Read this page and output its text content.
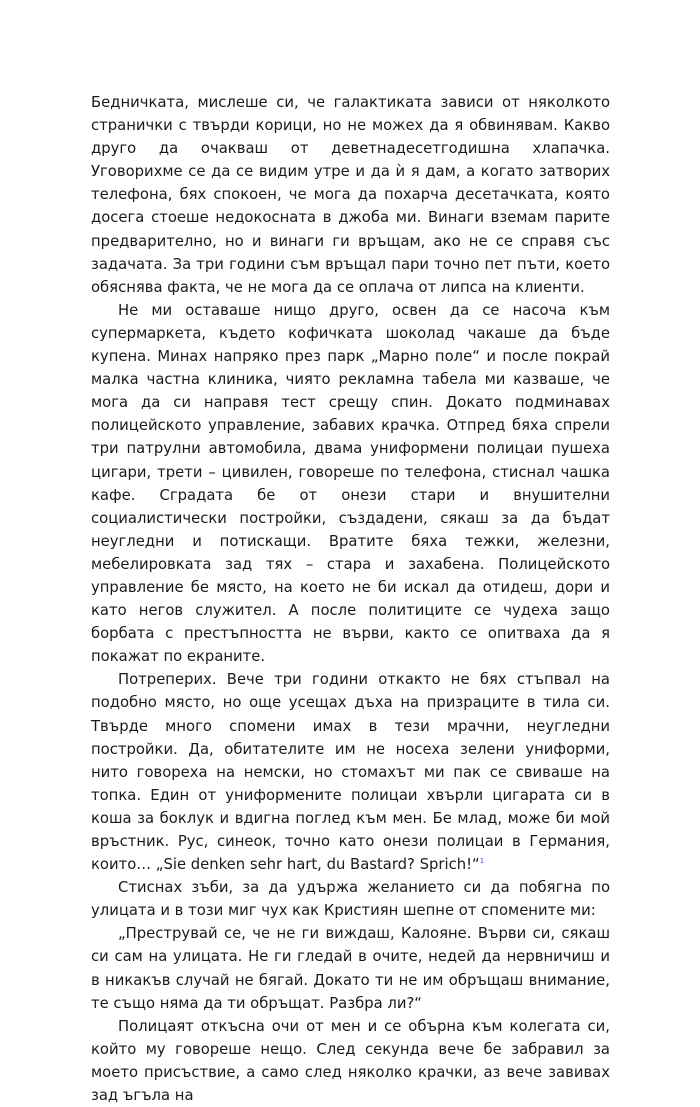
Бедничката, мислеше си, че галактиката зависи от няколкото странички с твърди корици, но не можех да я обвинявам. Какво друго да очакваш от деветнадесетгодишна хлапачка. Уговорихме се да се видим утре и да ѝ я дам, а когато затворих телефона, бях спокоен, че мога да похарча десетачката, която досега стоеше недокосната в джоба ми. Винаги вземам парите предварително, но и винаги ги връщам, ако не се справя със задачата. За три години съм връщал пари точно пет пъти, което обяснява факта, че не мога да се оплача от липса на клиенти.

Не ми оставаше нищо друго, освен да се насоча към супермаркета, където кофичката шоколад чакаше да бъде купена. Минах напряко през парк „Марно поле“ и после покрай малка частна клиника, чиято рекламна табела ми казваше, че мога да си направя тест срещу спин. Докато подминавах полицейското управление, забавих крачка. Отпред бяха спрели три патрулни автомобила, двама униформени полицаи пушеха цигари, трети – цивилен, говореше по телефона, стиснал чашка кафе. Сградата бе от онези стари и внушителни социалистически постройки, създадени, сякаш за да бъдат неугледни и потискащи. Вратите бяха тежки, железни, мебелировката зад тях – стара и захабена. Полицейското управление бе място, на което не би искал да отидеш, дори и като негов служител. А после политиците се чудеха защо борбата с престъпността не върви, както се опитваха да я покажат по екраните.

Потреперих. Вече три години откакто не бях стъпвал на подобно място, но още усещах дъха на призраците в тила си. Твърде много спомени имах в тези мрачни, неугледни постройки. Да, обитателите им не носеха зелени униформи, нито говореха на немски, но стомахът ми пак се свиваше на топка. Един от униформените полицаи хвърли цигарата си в коша за боклук и вдигна поглед към мен. Бе млад, може би мой връстник. Рус, синеок, точно като онези полицаи в Германия, които… „Sie denken sehr hart, du Bastard? Sprich!“$^1$

Стиснах зъби, за да удържа желанието си да побягна по улицата и в този миг чух как Кристиян шепне от спомените ми:

„Преструвай се, че не ги виждаш, Калояне. Върви си, сякаш си сам на улицата. Не ги гледай в очите, недей да нервничиш и в никакъв случай не бягай. Докато ти не им обръщаш внимание, те също няма да ти обръщат. Разбра ли?“

Полицаят откъсна очи от мен и се обърна към колегата си, който му говореше нещо. След секунда вече бе забравил за моето присъствие, а само след няколко крачки, аз вече завивах зад ъгъла на
